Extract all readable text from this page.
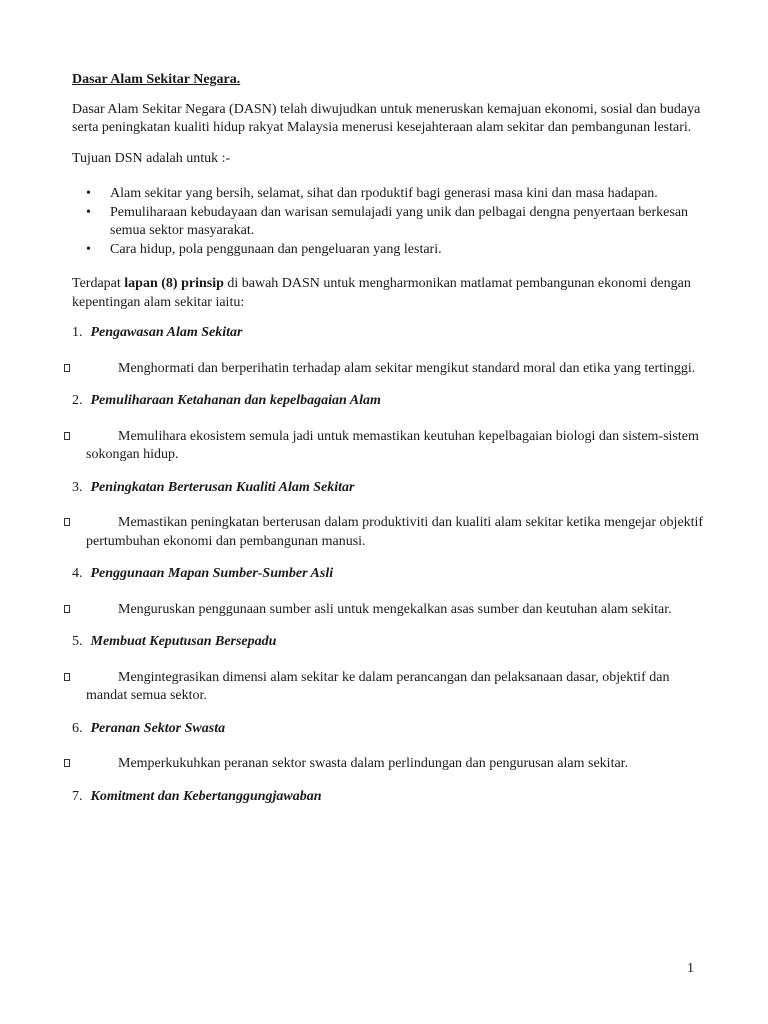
Dasar Alam Sekitar Negara.

Dasar Alam Sekitar Negara (DASN) telah diwujudkan untuk meneruskan kemajuan ekonomi, sosial dan budaya serta peningkatan kualiti hidup rakyat Malaysia menerusi kesejahteraan alam sekitar dan pembangunan lestari.

Tujuan DSN adalah untuk :-

• Alam sekitar yang bersih, selamat, sihat dan rpoduktif bagi generasi masa kini dan masa hadapan.
• Pemuliharaan kebudayaan dan warisan semulajadi yang unik dan pelbagai dengna penyertaan berkesan semua sektor masyarakat.
• Cara hidup, pola penggunaan dan pengeluaran yang lestari.

Terdapat lapan (8) prinsip di bawah DASN untuk mengharmonikan matlamat pembangunan ekonomi dengan kepentingan alam sekitar iaitu:

1. Pengawasan Alam Sekitar

Menghormati dan berperihatin terhadap alam sekitar mengikut standard moral dan etika yang tertinggi.

2. Pemuliharaan Ketahanan dan kepelbagaian Alam

Memulihara ekosistem semula jadi untuk memastikan keutuhan kepelbagaian biologi dan sistem-sistem sokongan hidup.

3. Peningkatan Berterusan Kualiti Alam Sekitar

Memastikan peningkatan berterusan dalam produktiviti dan kualiti alam sekitar ketika mengejar objektif pertumbuhan ekonomi dan pembangunan manusi.

4. Penggunaan Mapan Sumber-Sumber Asli

Menguruskan penggunaan sumber asli untuk mengekalkan asas sumber dan keutuhan alam sekitar.

5. Membuat Keputusan Bersepadu

Mengintegrasikan dimensi alam sekitar ke dalam perancangan dan pelaksanaan dasar, objektif dan mandat semua sektor.

6. Peranan Sektor Swasta

Memperkukuhkan peranan sektor swasta dalam perlindungan dan pengurusan alam sekitar.

7. Komitment dan Kebertanggungjawaban

1
